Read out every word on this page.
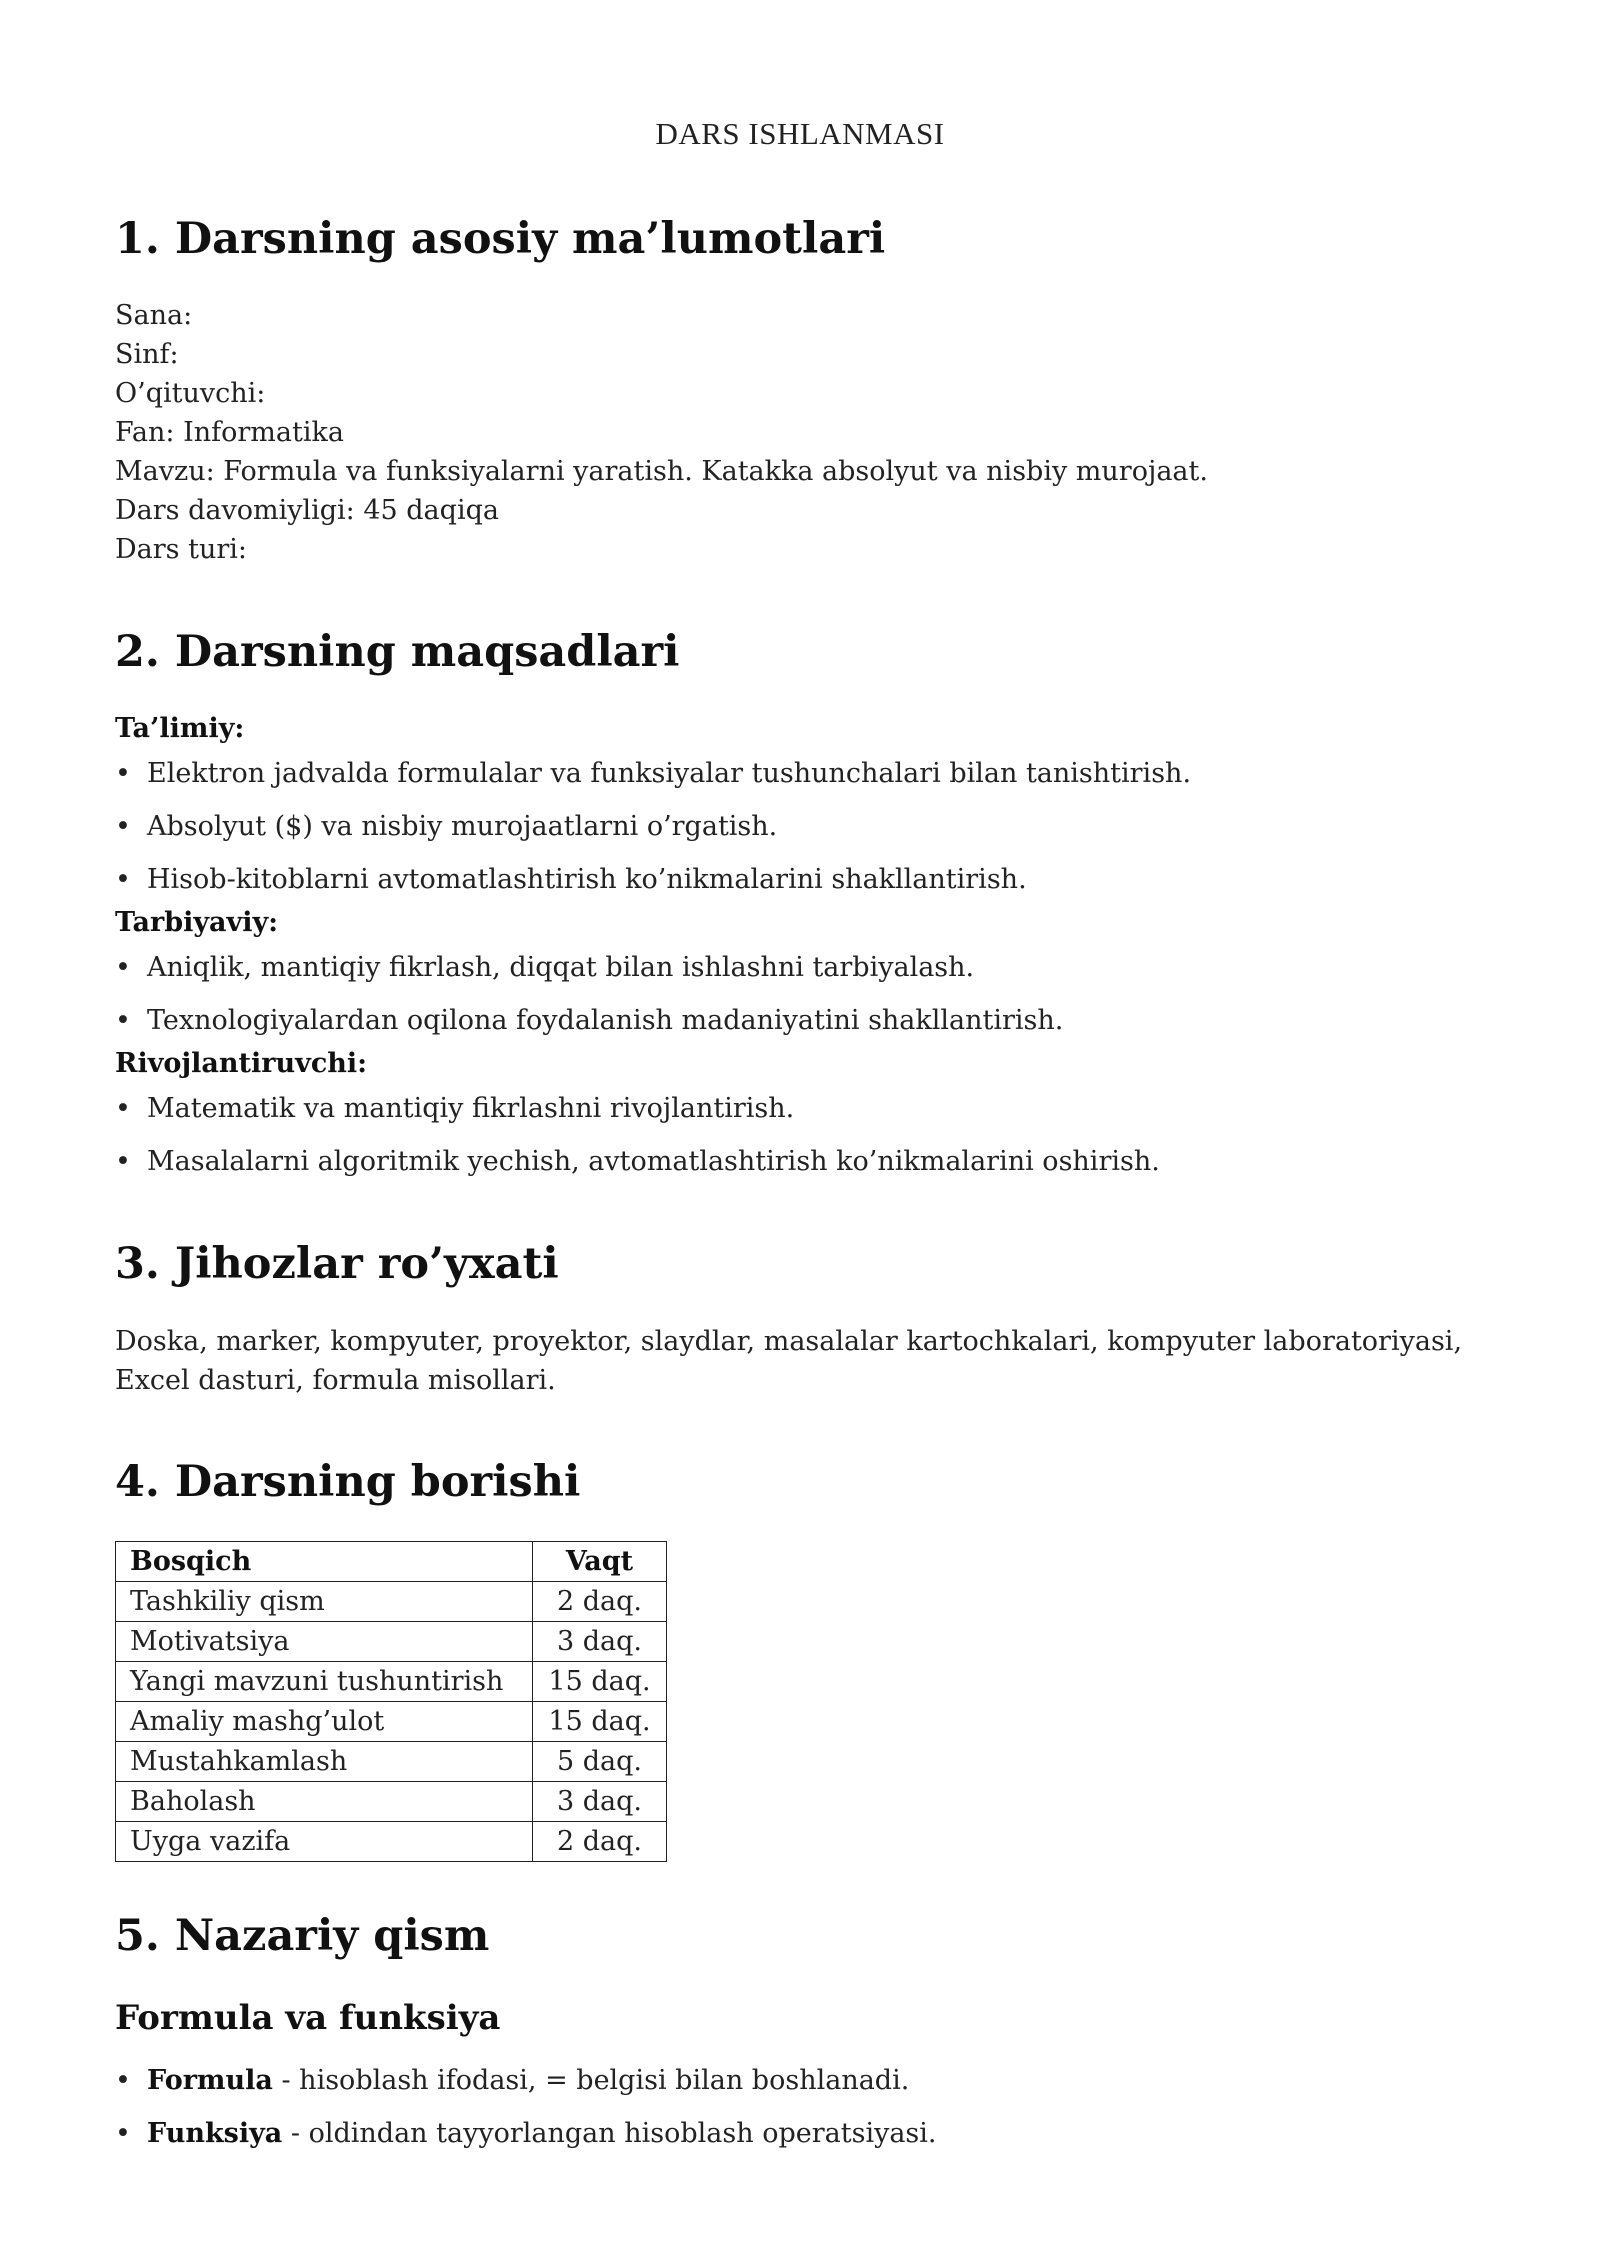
DARS ISHLANMASI
1. Darsning asosiy ma’lumotlari
Sana:
Sinf:
O’qituvchi:
Fan: Informatika
Mavzu: Formula va funksiyalarni yaratish. Katakka absolyut va nisbiy murojaat.
Dars davomiyligi: 45 daqiqa
Dars turi:
2. Darsning maqsadlari
Ta’limiy:
• Elektron jadvalda formulalar va funksiyalar tushunchalari bilan tanishtirish.
• Absolyut ($) va nisbiy murojaatlarni o’rgatish.
• Hisob-kitoblarni avtomatlashtirish ko’nikmalarini shakllantirish.
Tarbiyaviy:
• Aniqlik, mantiqiy fikrlash, diqqat bilan ishlashni tarbiyalash.
• Texnologiyalardan oqilona foydalanish madaniyatini shakllantirish.
Rivojlantiruvchi:
• Matematik va mantiqiy fikrlashni rivojlantirish.
• Masalalarni algoritmik yechish, avtomatlashtirish ko’nikmalarini oshirish.
3. Jihozlar ro’yxati
Doska, marker, kompyuter, proyektor, slaydlar, masalalar kartochkalari, kompyuter laboratoriyasi, Excel dasturi, formula misollari.
4. Darsning borishi
Bosqich	Vaqt
Tashkiliy qism	2 daq.
Motivatsiya	3 daq.
Yangi mavzuni tushuntirish	15 daq.
Amaliy mashg’ulot	15 daq.
Mustahkamlash	5 daq.
Baholash	3 daq.
Uyga vazifa	2 daq.
5. Nazariy qism
Formula va funksiya
• Formula - hisoblash ifodasi, = belgisi bilan boshlanadi.
• Funksiya - oldindan tayyorlangan hisoblash operatsiyasi.
